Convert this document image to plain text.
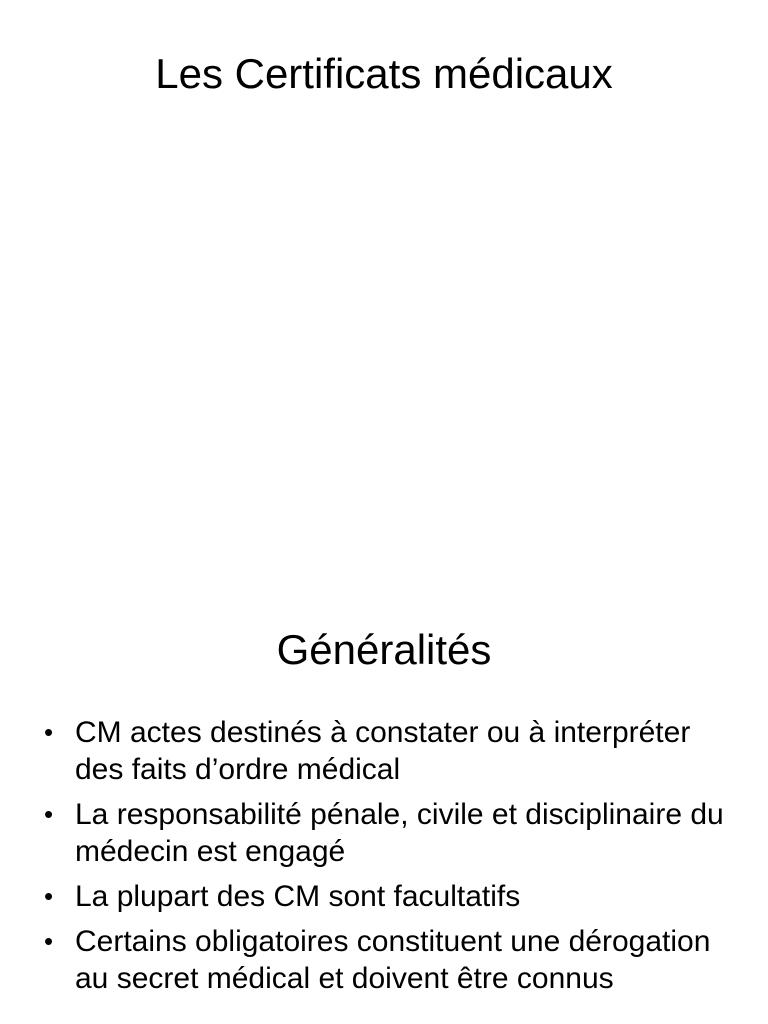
Les Certificats médicaux
Généralités
• CM actes destinés à constater ou à interpréter des faits d’ordre médical
• La responsabilité pénale, civile et disciplinaire du médecin est engagé
• La plupart des CM sont facultatifs
• Certains obligatoires constituent une dérogation au secret médical et doivent être connus
